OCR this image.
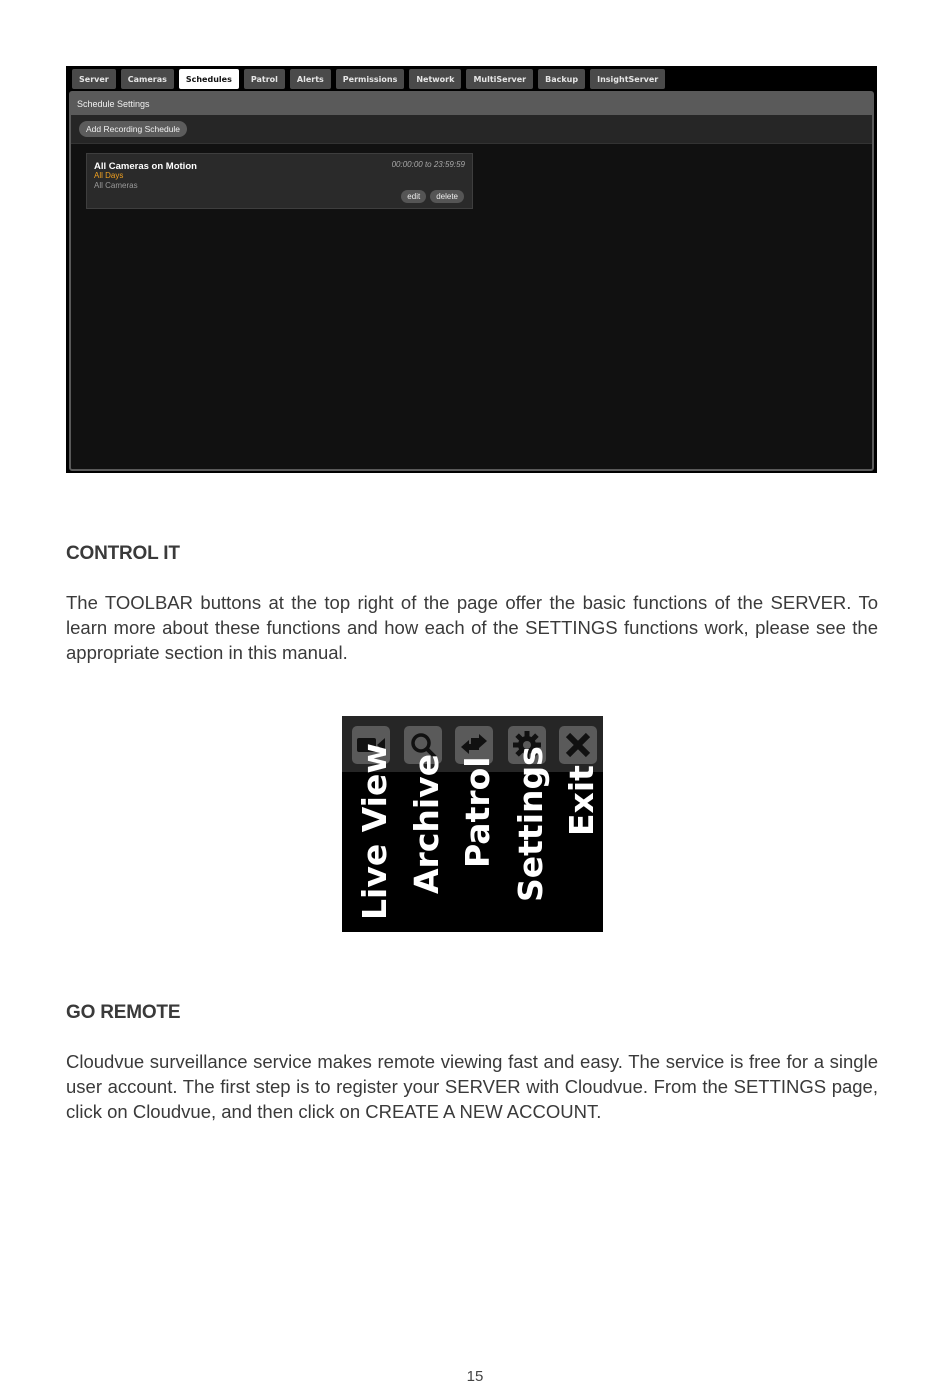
Server	Cameras	Schedules	Patrol	Alerts	Permissions	Network	MultiServer	Backup	InsightServer
Schedule Settings
Add Recording Schedule
All Cameras on Motion
All Days
All Cameras
00:00:00 to 23:59:59
edit	delete
CONTROL IT
The TOOLBAR buttons at the top right of the page offer the basic functions of the SERVER. To learn more about these functions and how each of the SETTINGS functions work, please see the appropriate section in this manual.
Live View Archive Patrol Settings Exit
GO REMOTE
Cloudvue surveillance service makes remote viewing fast and easy. The service is free for a single user account. The first step is to register your SERVER with Cloudvue. From the SETTINGS page, click on Cloudvue, and then click on CREATE A NEW ACCOUNT.
15
